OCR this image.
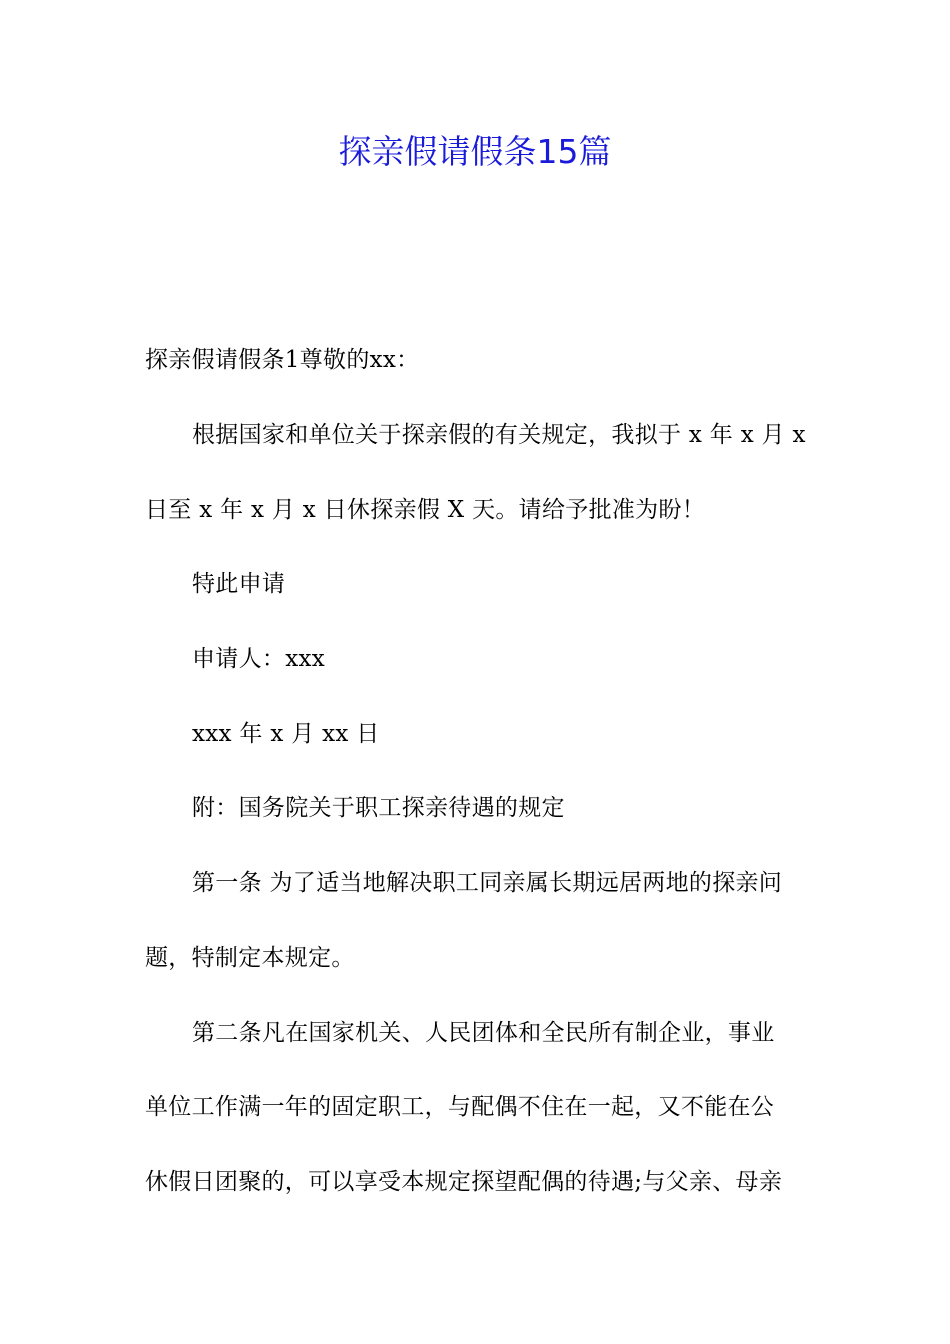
探亲假请假条15篇
探亲假请假条1尊敬的xx：
根据国家和单位关于探亲假的有关规定，我拟于 x 年 x 月 x
日至 x 年 x 月 x 日休探亲假 X 天。请给予批准为盼！
特此申请
申请人：xxx
xxx 年 x 月 xx 日
附：国务院关于职工探亲待遇的规定
第一条 为了适当地解决职工同亲属长期远居两地的探亲问
题，特制定本规定。
第二条凡在国家机关、人民团体和全民所有制企业，事业
单位工作满一年的固定职工，与配偶不住在一起，又不能在公
休假日团聚的，可以享受本规定探望配偶的待遇;与父亲、母亲
